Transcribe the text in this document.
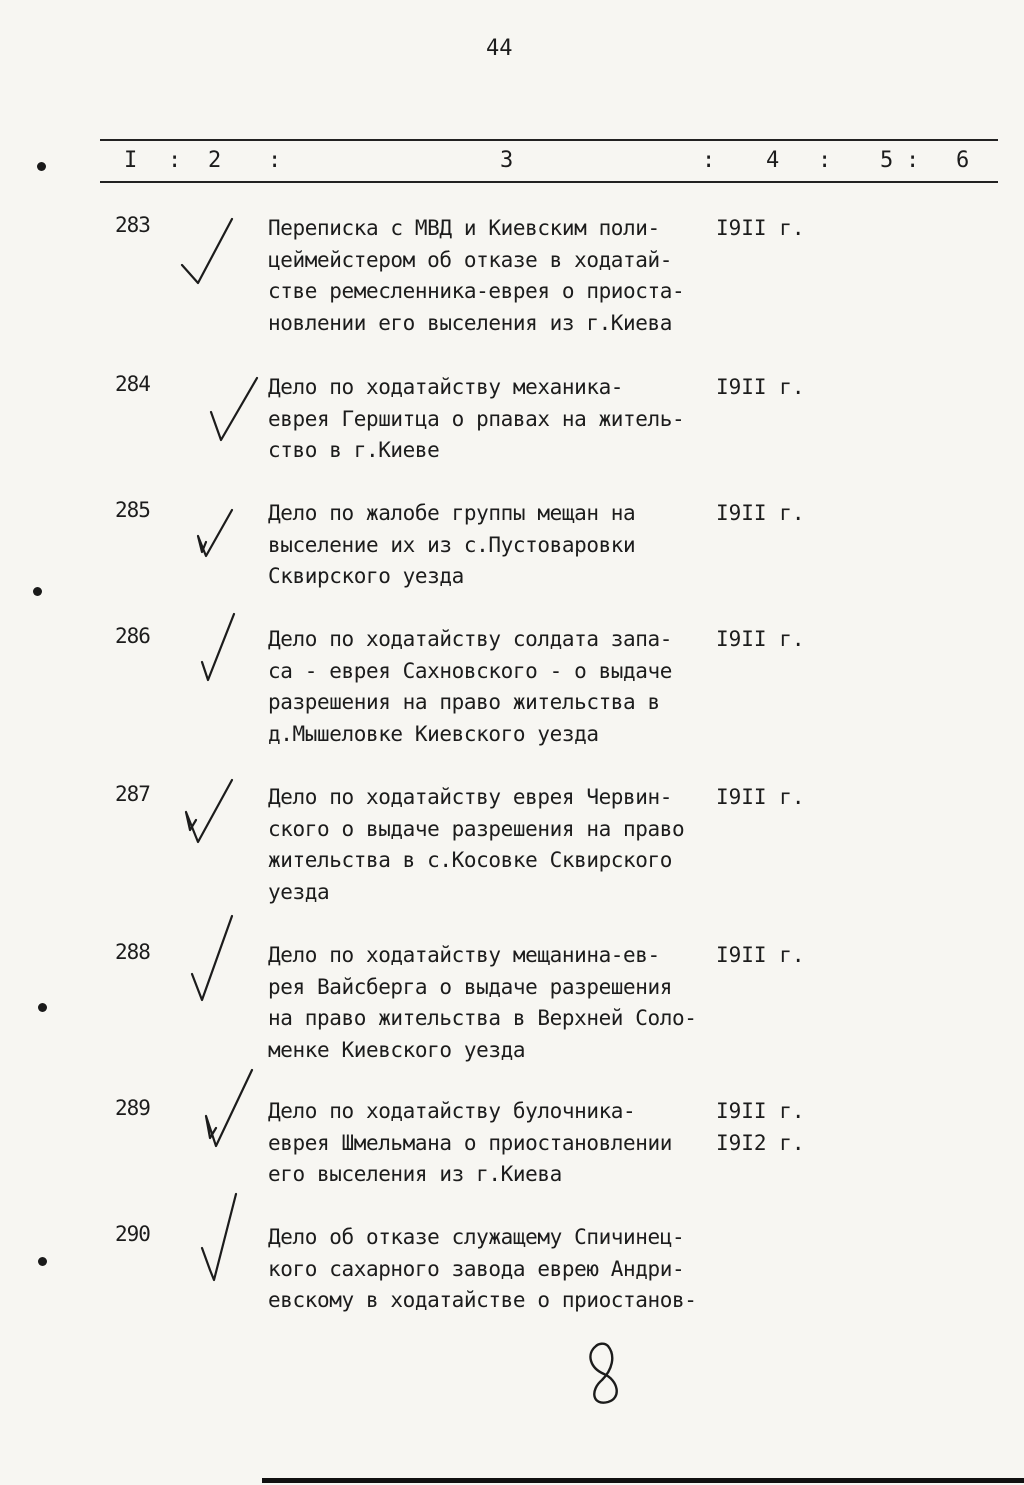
44
I : 2 :	3	: 4 : 5 : 6
283	Переписка с МВД и Киевским поли-
цеймейстером об отказе в ходатай-
стве ремесленника-еврея о приоста-
новлении его выселения из г.Киева
I9II г.
284	Дело по ходатайству механика-
еврея Гершитца о рпавах на житель-
ство в г.Киеве
I9II г.
285	Дело по жалобе группы мещан на
выселение их из с.Пустоваровки
Сквирского уезда
I9II г.
286	Дело по ходатайству солдата запа-
са - еврея Сахновского - о выдаче
разрешения на право жительства в
д.Мышеловке Киевского уезда
I9II г.
287	Дело по ходатайству еврея Червин-
ского о выдаче разрешения на право
жительства в с.Косовке Сквирского
уезда
I9II г.
288	Дело по ходатайству мещанина-ев-
рея Вайсберга о выдаче разрешения
на право жительства в Верхней Соло-
менке Киевского уезда
I9II г.
289	Дело по ходатайству булочника-
еврея Шмельмана о приостановлении
его выселения из г.Киева
I9II г.
I9I2 г.
290	Дело об отказе служащему Спичинец-
кого сахарного завода еврею Андри-
евскому в ходатайстве о приостанов-
